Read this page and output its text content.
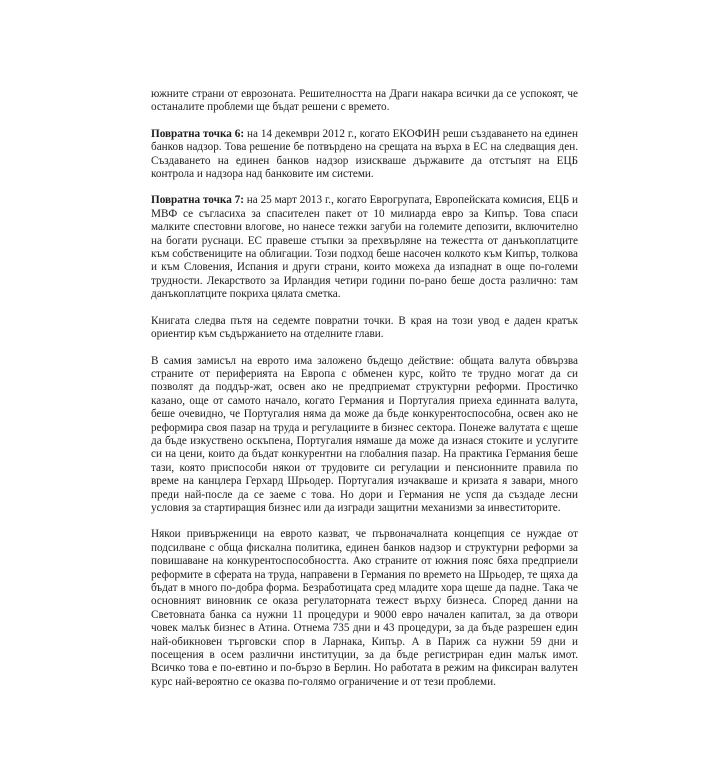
южните страни от еврозоната. Решителността на Драги накара всички да се успокоят, че останалите проблеми ще бъдат решени с времето.

Повратна точка 6: на 14 декември 2012 г., когато ЕКОФИН реши създаването на единен банков надзор. Това решение бе потвърдено на срещата на върха в ЕС на следващия ден. Създаването на единен банков надзор изискваше държавите да отстъпят на ЕЦБ контрола и надзора над банковите им системи.

Повратна точка 7: на 25 март 2013 г., когато Еврогрупата, Европейската комисия, ЕЦБ и МВФ се съгласиха за спасителен пакет от 10 милиарда евро за Кипър. Това спаси малките спестовни влогове, но нанесе тежки загуби на големите депозити, включително на богати руснаци. ЕС правеше стъпки за прехвърляне на тежестта от данъкоплатците към собствениците на облигации. Този подход беше насочен колкото към Кипър, толкова и към Словения, Испания и други страни, които можеха да изпаднат в още по-големи трудности. Лекарството за Ирландия четири години по-рано беше доста различно: там данъкоплатците покриха цялата сметка.

Книгата следва пътя на седемте повратни точки. В края на този увод е даден кратък ориентир към съдържанието на отделните глави.

В самия замисъл на еврото има заложено бъдещо действие: общата валута обвързва страните от периферията на Европа с обменен курс, който те трудно могат да си позволят да поддър-жат, освен ако не предприемат структурни реформи. Простичко казано, още от самото начало, когато Германия и Португалия приеха единната валута, беше очевидно, че Португалия няма да може да бъде конкурентоспособна, освен ако не реформира своя пазар на труда и регулациите в бизнес сектора. Понеже валутата є щеше да бъде изкуствено оскъпена, Португалия нямаше да може да изнася стоките и услугите си на цени, които да бъдат конкурентни на глобалния пазар. На практика Германия беше тази, която приспособи някои от трудовите си регулации и пенсионните правила по време на канцлера Герхард Шрьодер. Португалия изчакваше и кризата я завари, много преди най-после да се заеме с това. Но дори и Германия не успя да създаде лесни условия за стартиращия бизнес или да изгради защитни механизми за инвеститорите.

Някои привърженици на еврото казват, че първоначалната концепция се нуждае от подсилване с обща фискална политика, единен банков надзор и структурни реформи за повишаване на конкурентоспособността. Ако страните от южния пояс бяха предприели реформите в сферата на труда, направени в Германия по времето на Шрьодер, те щяха да бъдат в много по-добра форма. Безработицата сред младите хора щеше да падне. Така че основният виновник се оказа регулаторната тежест върху бизнеса. Според данни на Световната банка са нужни 11 процедури и 9000 евро начален капитал, за да отвори човек малък бизнес в Атина. Отнема 735 дни и 43 процедури, за да бъде разрешен един най-обикновен търговски спор в Ларнака, Кипър. А в Париж са нужни 59 дни и посещения в осем различни институции, за да бъде регистриран един малък имот. Всичко това е по-евтино и по-бързо в Берлин. Но работата в режим на фиксиран валутен курс най-вероятно се оказва по-голямо ограничение и от тези проблеми.
